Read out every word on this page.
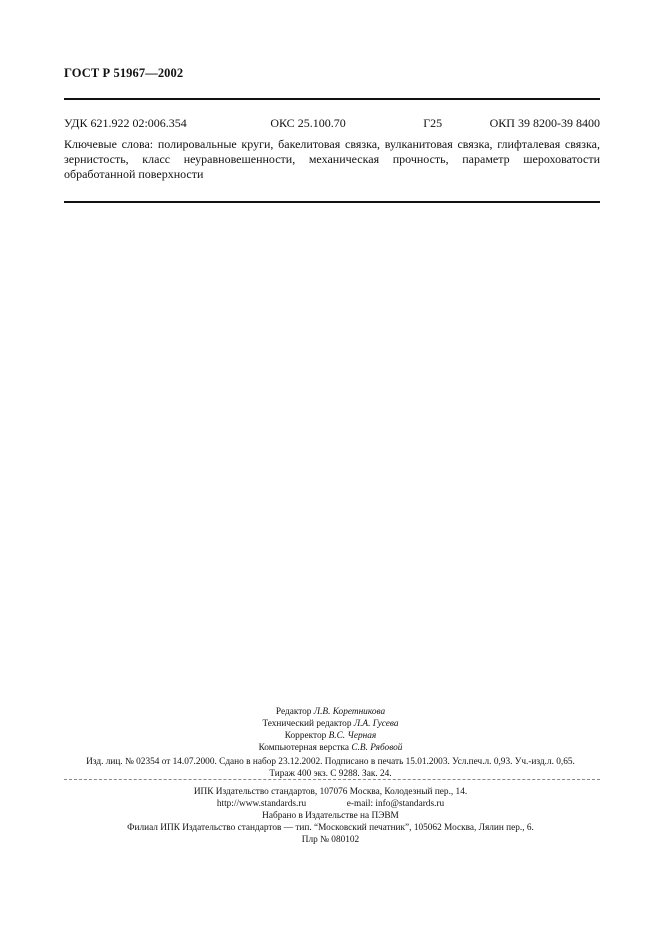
ГОСТ Р 51967—2002
УДК 621.922 02:006.354	ОКС 25.100.70	Г25	ОКП 39 8200-39 8400
Ключевые слова: полировальные круги, бакелитовая связка, вулканитовая связка, глифталевая связка, зернистость, класс неуравновешенности, механическая прочность, параметр шероховатости обработанной поверхности
Редактор Л.В. Коретникова
Технический редактор Л.А. Гусева
Корректор В.С. Черная
Компьютерная верстка С.В. Рябовой
Изд. лиц. № 02354 от 14.07.2000. Сдано в набор 23.12.2002. Подписано в печать 15.01.2003. Усл.печ.л. 0,93. Уч.-изд.л. 0,65.
Тираж 400 экз. С 9288. Зак. 24.
ИПК Издательство стандартов, 107076 Москва, Колодезный пер., 14.
http://www.standards.ru	e-mail: info@standards.ru
Набрано в Издательстве на ПЭВМ
Филиал ИПК Издательство стандартов — тип. “Московский печатник”, 105062 Москва, Лялин пер., 6.
Плр № 080102
